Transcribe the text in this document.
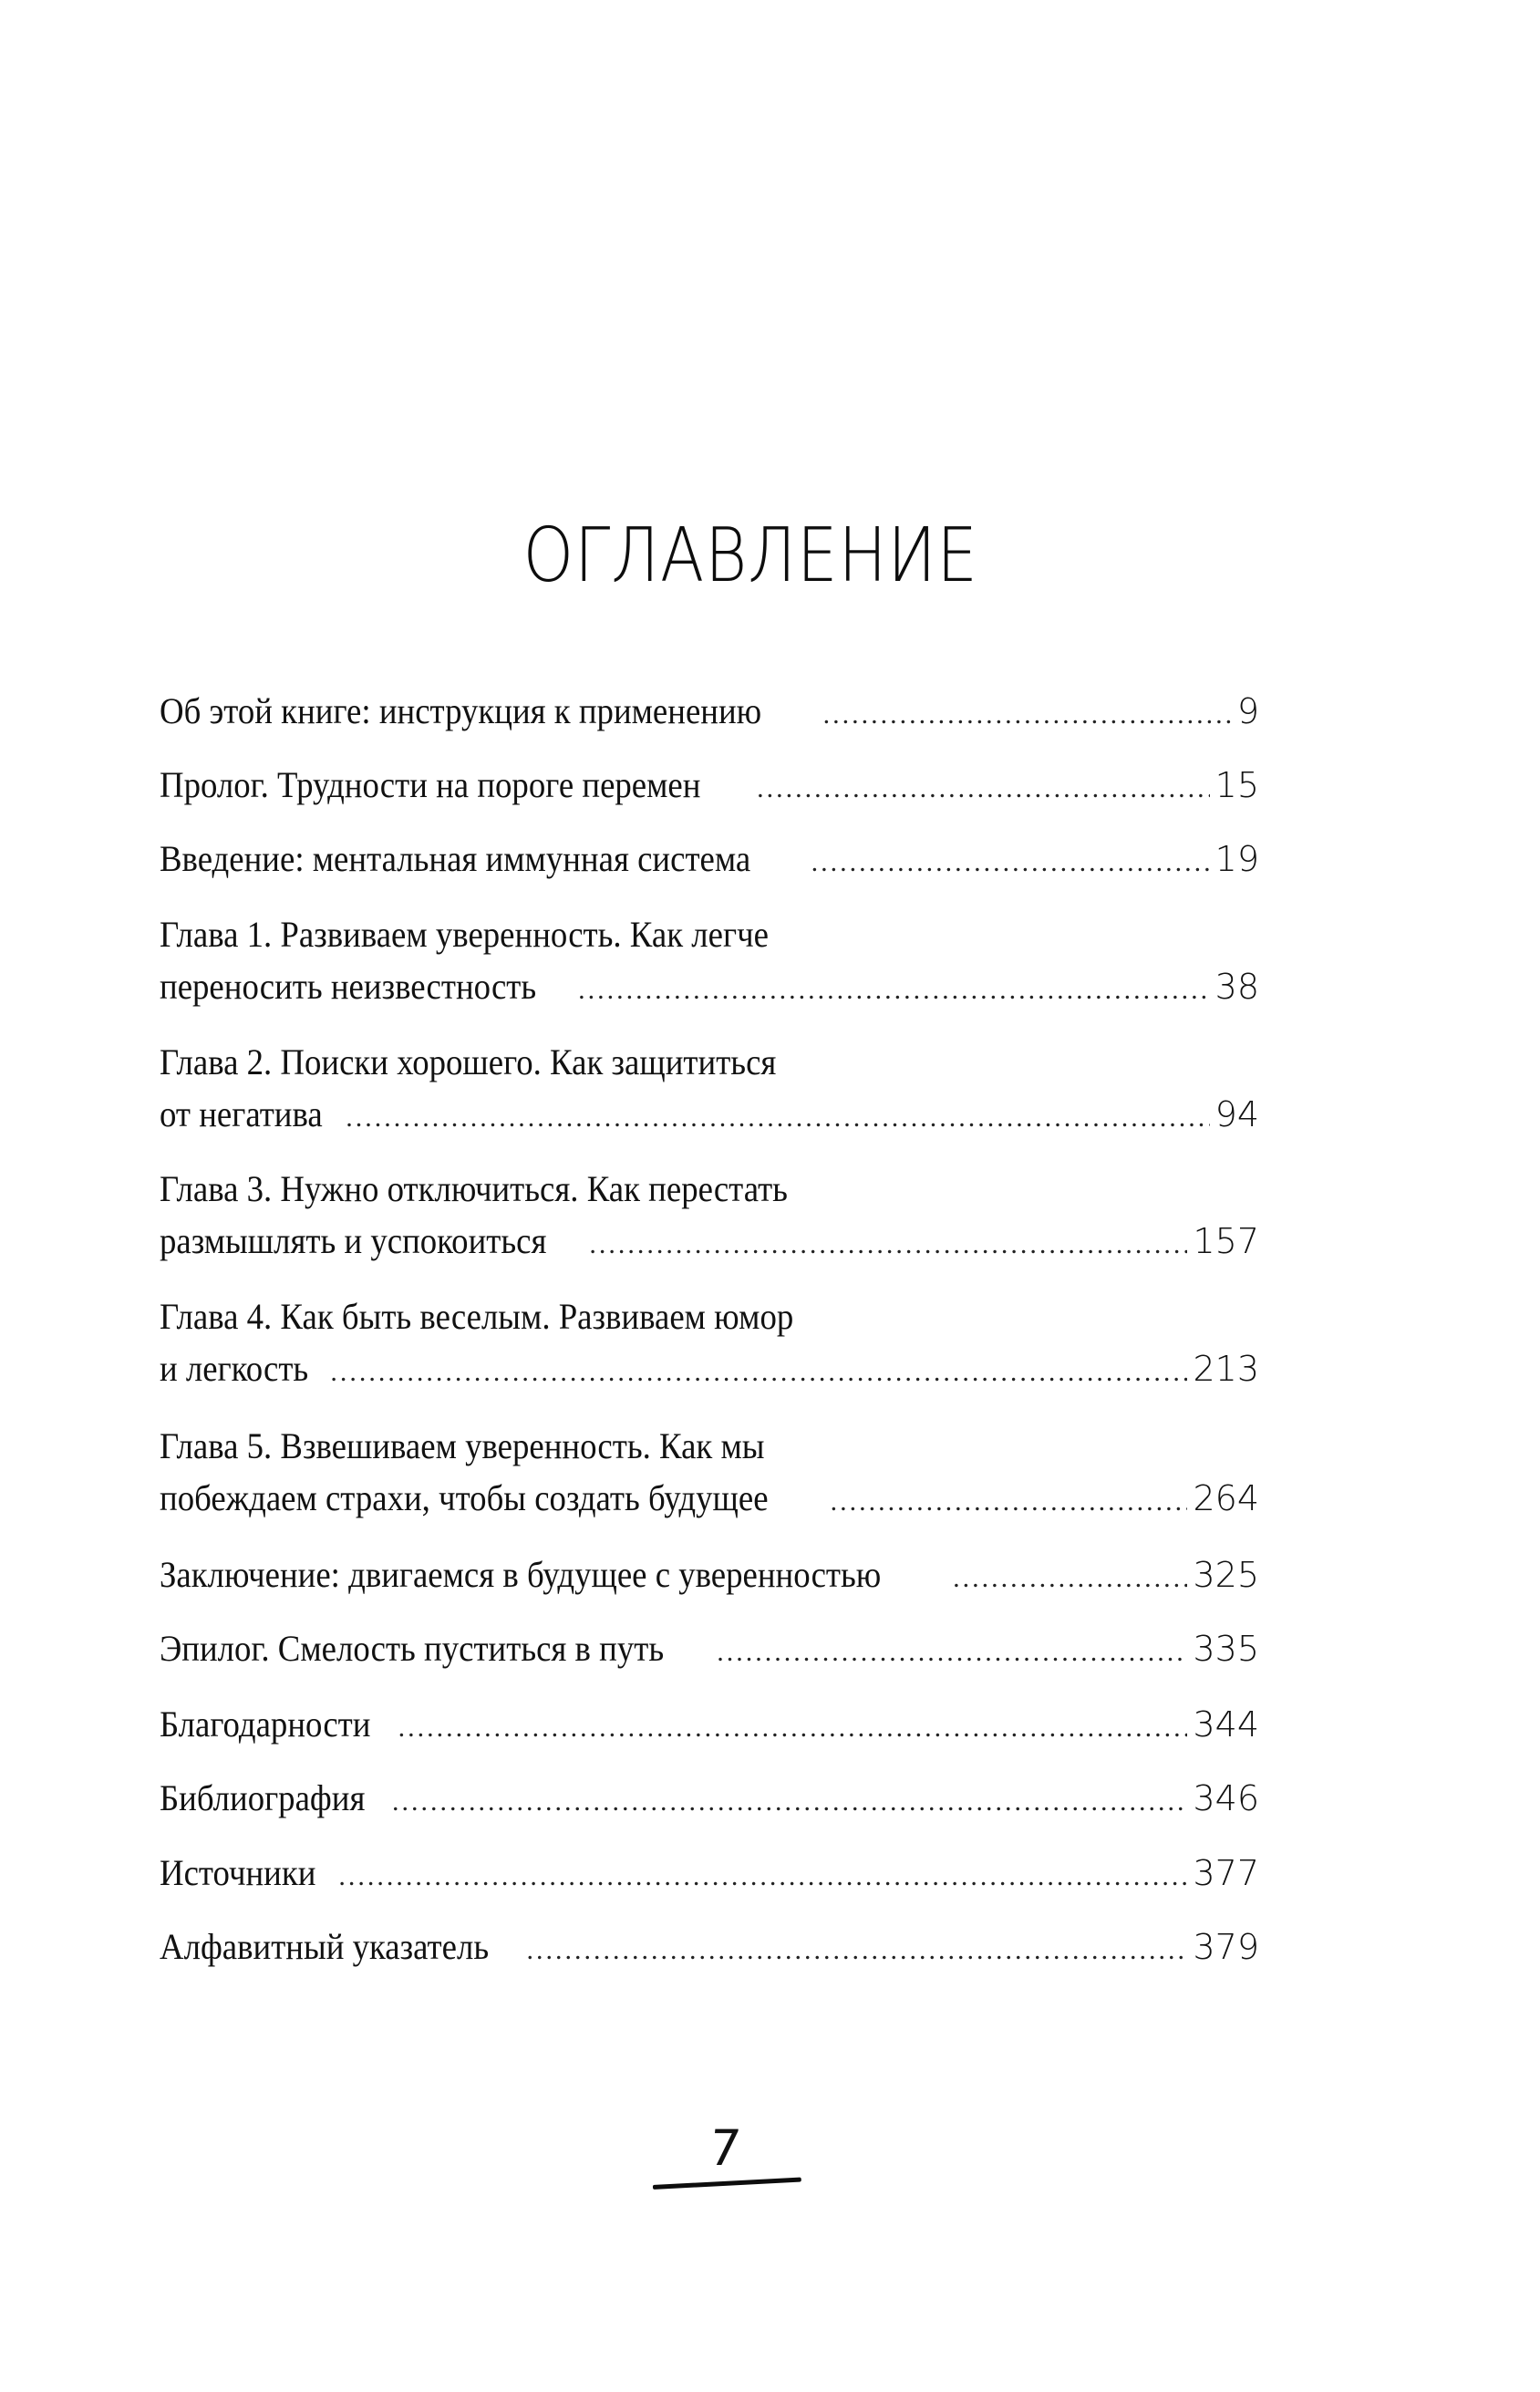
ОГЛАВЛЕНИЕ
Об этой книге: инструкция к применению .....	9
Пролог. Трудности на пороге перемен .....	15
Введение: ментальная иммунная система .....	19
Глава 1. Развиваем уверенность. Как легче
переносить неизвестность .....	38
Глава 2. Поиски хорошего. Как защититься
от негатива .....	94
Глава 3. Нужно отключиться. Как перестать
размышлять и успокоиться .....	157
Глава 4. Как быть веселым. Развиваем юмор
и легкость .....	213
Глава 5. Взвешиваем уверенность. Как мы
побеждаем страхи, чтобы создать будущее .....	264
Заключение: двигаемся в будущее с уверенностью .....	325
Эпилог. Смелость пуститься в путь .....	335
Благодарности .....	344
Библиография .....	346
Источники .....	377
Алфавитный указатель .....	379
7
